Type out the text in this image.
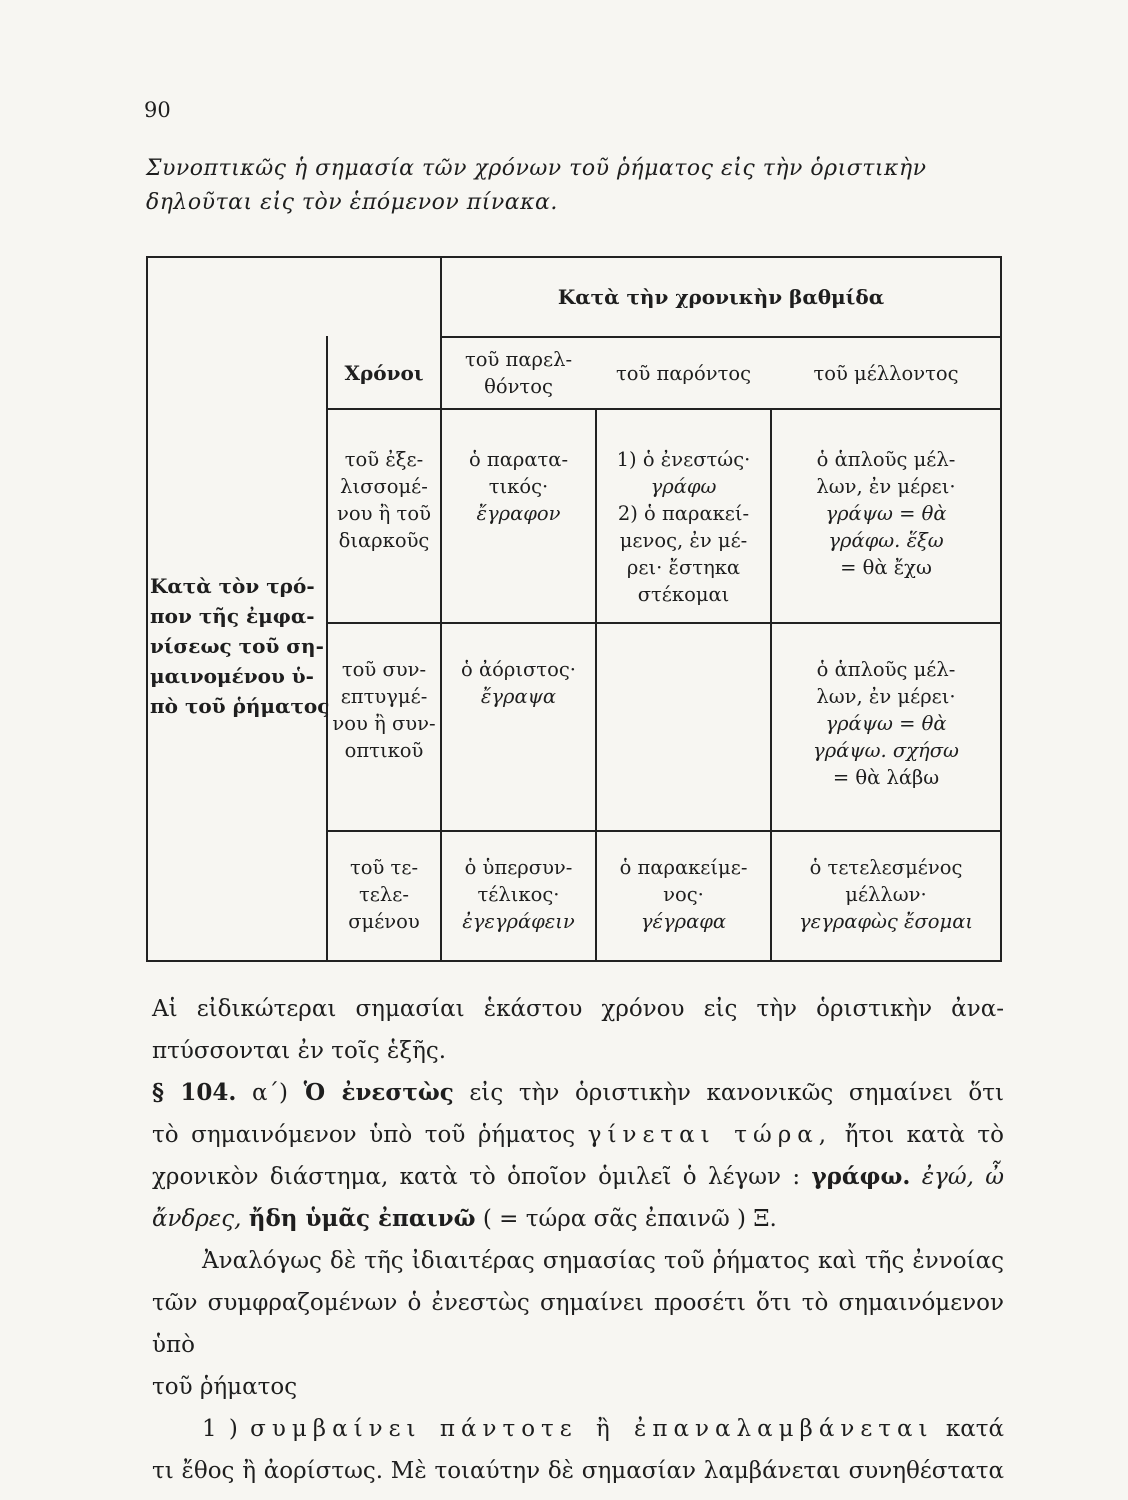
90
Συνοπτικῶς ἡ σημασία τῶν χρόνων τοῦ ῥήματος εἰς τὴν ὁριστικὴν
δηλοῦται εἰς τὸν ἑπόμενον πίνακα.
Κατὰ τὴν χρονικὴν βαθμίδα
Χρόνοι
τοῦ παρελ-
θόντος
τοῦ παρόντος	τοῦ μέλλοντος
Κατὰ τὸν τρό-
πον τῆς ἐμφα-
νίσεως τοῦ ση-
μαινομένου ὑ-
πὸ τοῦ ῥήματος
τοῦ ἐξε-
λισσομέ-
νου ἢ τοῦ
διαρκοῦς
ὁ παρατα-
τικός·
ἔγραφον
1) ὁ ἐνεστώς·
γράφω
2) ὁ παρακεί-
μενος, ἐν μέ-
ρει· ἔστηκα
στέκομαι
ὁ ἁπλοῦς μέλ-
λων, ἐν μέρει·
γράψω = θὰ
γράφω. ἕξω
= θὰ ἔχω
τοῦ συν-
επτυγμέ-
νου ἢ συν-
οπτικοῦ
ὁ ἀόριστος·
ἔγραψα
ὁ ἁπλοῦς μέλ-
λων, ἐν μέρει·
γράψω = θὰ
γράψω. σχήσω
= θὰ λάβω
τοῦ τε-
τελε-
σμένου
ὁ ὑπερσυν-
τέλικος·
ἐγεγράφειν
ὁ παρακείμε-
νος·
γέγραφα
ὁ τετελεσμένος
μέλλων·
γεγραφὼς ἔσομαι

Αἱ εἰδικώτεραι σημασίαι ἑκάστου χρόνου εἰς τὴν ὁριστικὴν ἀνα-

πτύσσονται ἐν τοῖς ἑξῆς.

§ 104. α΄) Ὁ ἐνεστὼς εἰς τὴν ὁριστικὴν κανονικῶς σημαίνει ὅτι

τὸ σημαινόμενον ὑπὸ τοῦ ῥήματος γίνεται τώρα, ἤτοι κατὰ τὸ

χρονικὸν διάστημα, κατὰ τὸ ὁποῖον ὁμιλεῖ ὁ λέγων : γράφω. ἐγώ, ὦ

ἄνδρες, ἤδη ὑμᾶς ἐπαινῶ ( = τώρα σᾶς ἐπαινῶ ) Ξ.

Ἀναλόγως δὲ τῆς ἰδιαιτέρας σημασίας τοῦ ῥήματος καὶ τῆς ἐννοίας

τῶν συμφραζομένων ὁ ἐνεστὼς σημαίνει προσέτι ὅτι τὸ σημαινόμενον ὑπὸ

τοῦ ῥήματος

1 ) συμβαίνει πάντοτε ἢ ἐπαναλαμβάνεται κατά

τι ἔθος ἢ ἀορίστως. Μὲ τοιαύτην δὲ σημασίαν λαμβάνεται συνηθέστατα
